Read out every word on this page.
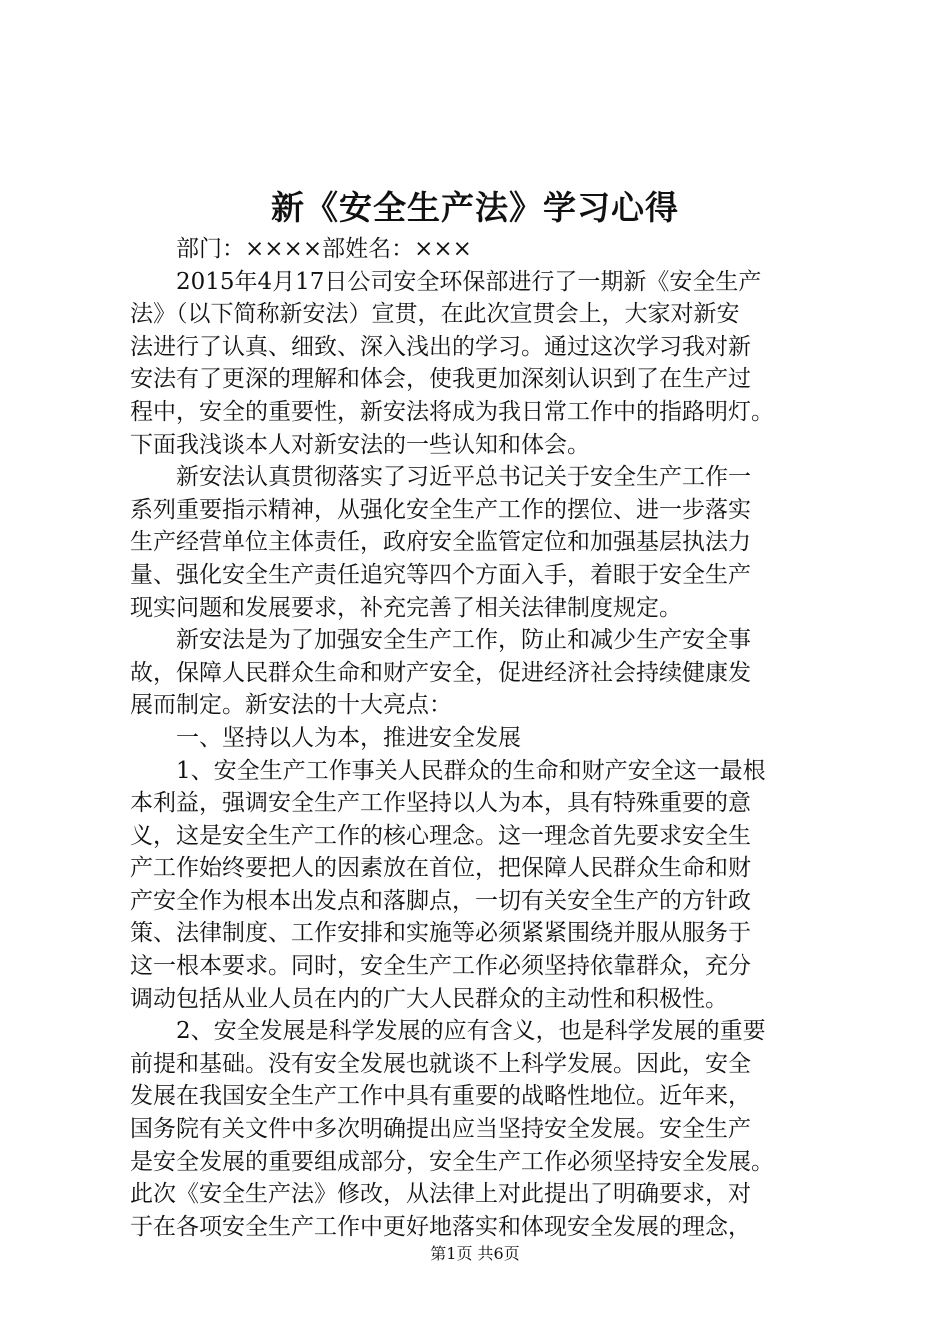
新《安全生产法》学习心得
部门：××××部姓名：×××
2015年4月17日公司安全环保部进行了一期新《安全生产
法》（以下简称新安法）宣贯，在此次宣贯会上，大家对新安
法进行了认真、细致、深入浅出的学习。通过这次学习我对新
安法有了更深的理解和体会，使我更加深刻认识到了在生产过
程中，安全的重要性，新安法将成为我日常工作中的指路明灯。
下面我浅谈本人对新安法的一些认知和体会。
新安法认真贯彻落实了习近平总书记关于安全生产工作一
系列重要指示精神，从强化安全生产工作的摆位、进一步落实
生产经营单位主体责任，政府安全监管定位和加强基层执法力
量、强化安全生产责任追究等四个方面入手，着眼于安全生产
现实问题和发展要求，补充完善了相关法律制度规定。
新安法是为了加强安全生产工作，防止和减少生产安全事
故，保障人民群众生命和财产安全，促进经济社会持续健康发
展而制定。新安法的十大亮点：
一、坚持以人为本，推进安全发展
1、安全生产工作事关人民群众的生命和财产安全这一最根
本利益，强调安全生产工作坚持以人为本，具有特殊重要的意
义，这是安全生产工作的核心理念。这一理念首先要求安全生
产工作始终要把人的因素放在首位，把保障人民群众生命和财
产安全作为根本出发点和落脚点，一切有关安全生产的方针政
策、法律制度、工作安排和实施等必须紧紧围绕并服从服务于
这一根本要求。同时，安全生产工作必须坚持依靠群众，充分
调动包括从业人员在内的广大人民群众的主动性和积极性。
2、安全发展是科学发展的应有含义，也是科学发展的重要
前提和基础。没有安全发展也就谈不上科学发展。因此，安全
发展在我国安全生产工作中具有重要的战略性地位。近年来，
国务院有关文件中多次明确提出应当坚持安全发展。安全生产
是安全发展的重要组成部分，安全生产工作必须坚持安全发展。
此次《安全生产法》修改，从法律上对此提出了明确要求，对
于在各项安全生产工作中更好地落实和体现安全发展的理念，
第1页 共6页
